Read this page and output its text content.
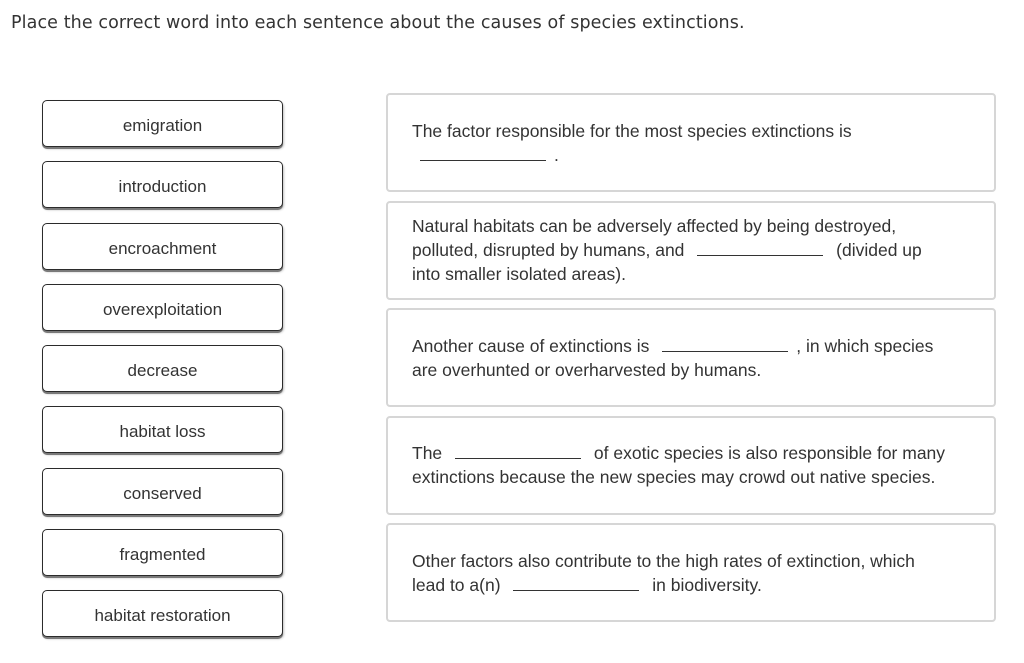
Place the correct word into each sentence about the causes of species extinctions.
emigration
introduction
encroachment
overexploitation
decrease
habitat loss
conserved
fragmented
habitat restoration
The factor responsible for the most species extinctions is .
Natural habitats can be adversely affected by being destroyed, polluted, disrupted by humans, and	(divided up into smaller isolated areas).
Another cause of extinctions is	, in which species are overhunted or overharvested by humans.
The	of exotic species is also responsible for many extinctions because the new species may crowd out native species.
Other factors also contribute to the high rates of extinction, which lead to a(n)	in biodiversity.
